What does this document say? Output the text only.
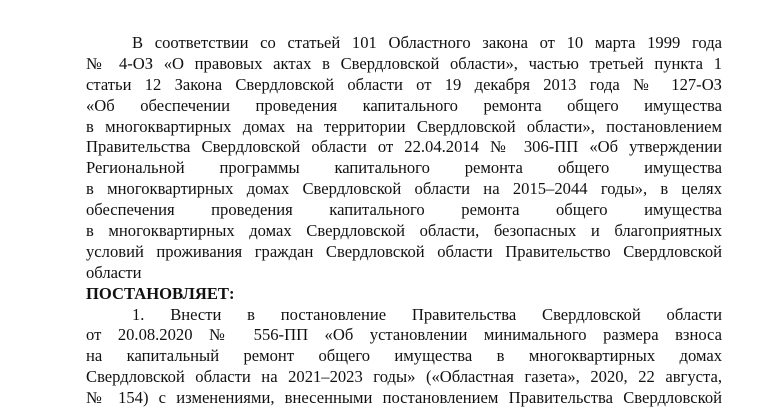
В соответствии со статьей 101 Областного закона от 10 марта 1999 года
№ 4-ОЗ «О правовых актах в Свердловской области», частью третьей пункта 1
статьи 12 Закона Свердловской области от 19 декабря 2013 года № 127-ОЗ
«Об обеспечении проведения капитального ремонта общего имущества
в многоквартирных домах на территории Свердловской области», постановлением
Правительства Свердловской области от 22.04.2014 № 306-ПП «Об утверждении
Региональной программы капитального ремонта общего имущества
в многоквартирных домах Свердловской области на 2015–2044 годы», в целях
обеспечения проведения капитального ремонта общего имущества
в многоквартирных домах Свердловской области, безопасных и благоприятных
условий проживания граждан Свердловской области Правительство Свердловской
области

ПОСТАНОВЛЯЕТ:

1. Внести в постановление Правительства Свердловской области
от 20.08.2020 № 556-ПП «Об установлении минимального размера взноса
на капитальный ремонт общего имущества в многоквартирных домах
Свердловской области на 2021–2023 годы» («Областная газета», 2020, 22 августа,
№ 154) с изменениями, внесенными постановлением Правительства Свердловской
